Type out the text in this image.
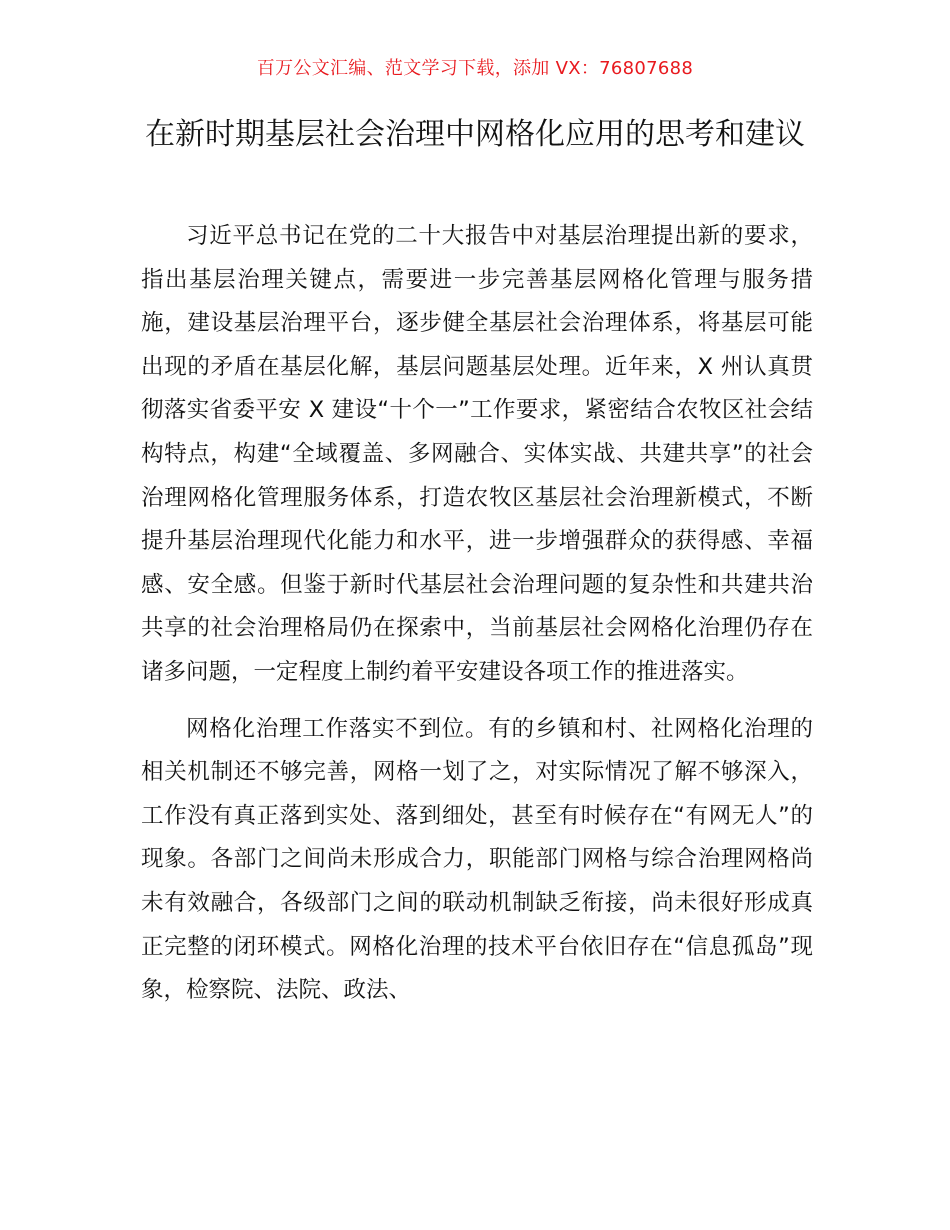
百万公文汇编、范文学习下载，添加 VX：76807688
在新时期基层社会治理中网格化应用的思考和建议

习近平总书记在党的二十大报告中对基层治理提出新的要求，指出基层治理关键点，需要进一步完善基层网格化管理与服务措施，建设基层治理平台，逐步健全基层社会治理体系，将基层可能出现的矛盾在基层化解，基层问题基层处理。近年来，X 州认真贯彻落实省委平安 X 建设“十个一”工作要求，紧密结合农牧区社会结构特点，构建“全域覆盖、多网融合、实体实战、共建共享”的社会治理网格化管理服务体系，打造农牧区基层社会治理新模式，不断提升基层治理现代化能力和水平，进一步增强群众的获得感、幸福感、安全感。但鉴于新时代基层社会治理问题的复杂性和共建共治共享的社会治理格局仍在探索中，当前基层社会网格化治理仍存在诸多问题，一定程度上制约着平安建设各项工作的推进落实。

网格化治理工作落实不到位。有的乡镇和村、社网格化治理的相关机制还不够完善，网格一划了之，对实际情况了解不够深入，工作没有真正落到实处、落到细处，甚至有时候存在“有网无人”的现象。各部门之间尚未形成合力，职能部门网格与综合治理网格尚未有效融合，各级部门之间的联动机制缺乏衔接，尚未很好形成真正完整的闭环模式。网格化治理的技术平台依旧存在“信息孤岛”现象，检察院、法院、政法、
